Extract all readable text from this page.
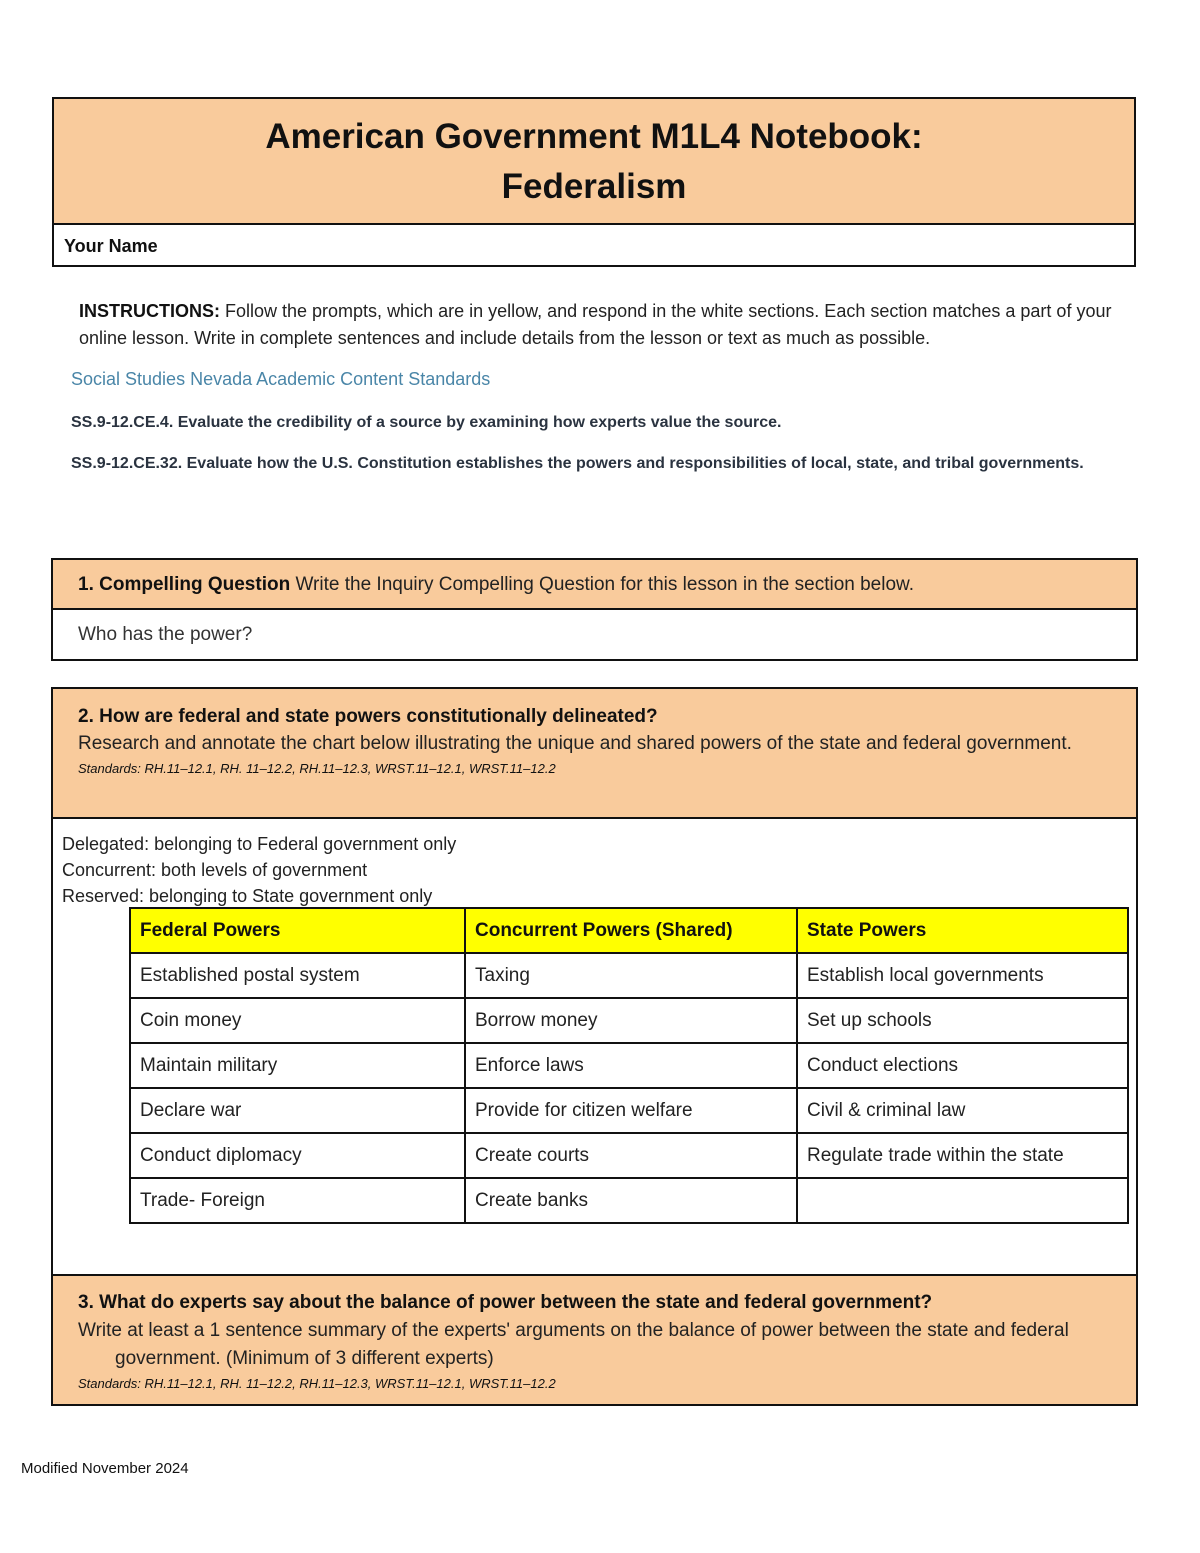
American Government M1L4 Notebook:
Federalism
Your Name
INSTRUCTIONS: Follow the prompts, which are in yellow, and respond in the white sections. Each section matches a part of your online lesson. Write in complete sentences and include details from the lesson or text as much as possible.
Social Studies Nevada Academic Content Standards
SS.9-12.CE.4. Evaluate the credibility of a source by examining how experts value the source.
SS.9-12.CE.32. Evaluate how the U.S. Constitution establishes the powers and responsibilities of local, state, and tribal governments.
1. Compelling Question Write the Inquiry Compelling Question for this lesson in the section below.
Who has the power?
2. How are federal and state powers constitutionally delineated?
Research and annotate the chart below illustrating the unique and shared powers of the state and federal government.
Standards: RH.11–12.1, RH. 11–12.2, RH.11–12.3, WRST.11–12.1, WRST.11–12.2
Delegated: belonging to Federal government only
Concurrent: both levels of government
Reserved: belonging to State government only
Federal Powers	Concurrent Powers (Shared)	State Powers
Established postal system	Taxing	Establish local governments
Coin money	Borrow money	Set up schools
Maintain military	Enforce laws	Conduct elections
Declare war	Provide for citizen welfare	Civil & criminal law
Conduct diplomacy	Create courts	Regulate trade within the state
Trade- Foreign	Create banks	
3. What do experts say about the balance of power between the state and federal government?
Write at least a 1 sentence summary of the experts' arguments on the balance of power between the state and federal government. (Minimum of 3 different experts)
Standards: RH.11–12.1, RH. 11–12.2, RH.11–12.3, WRST.11–12.1, WRST.11–12.2
Modified November 2024
